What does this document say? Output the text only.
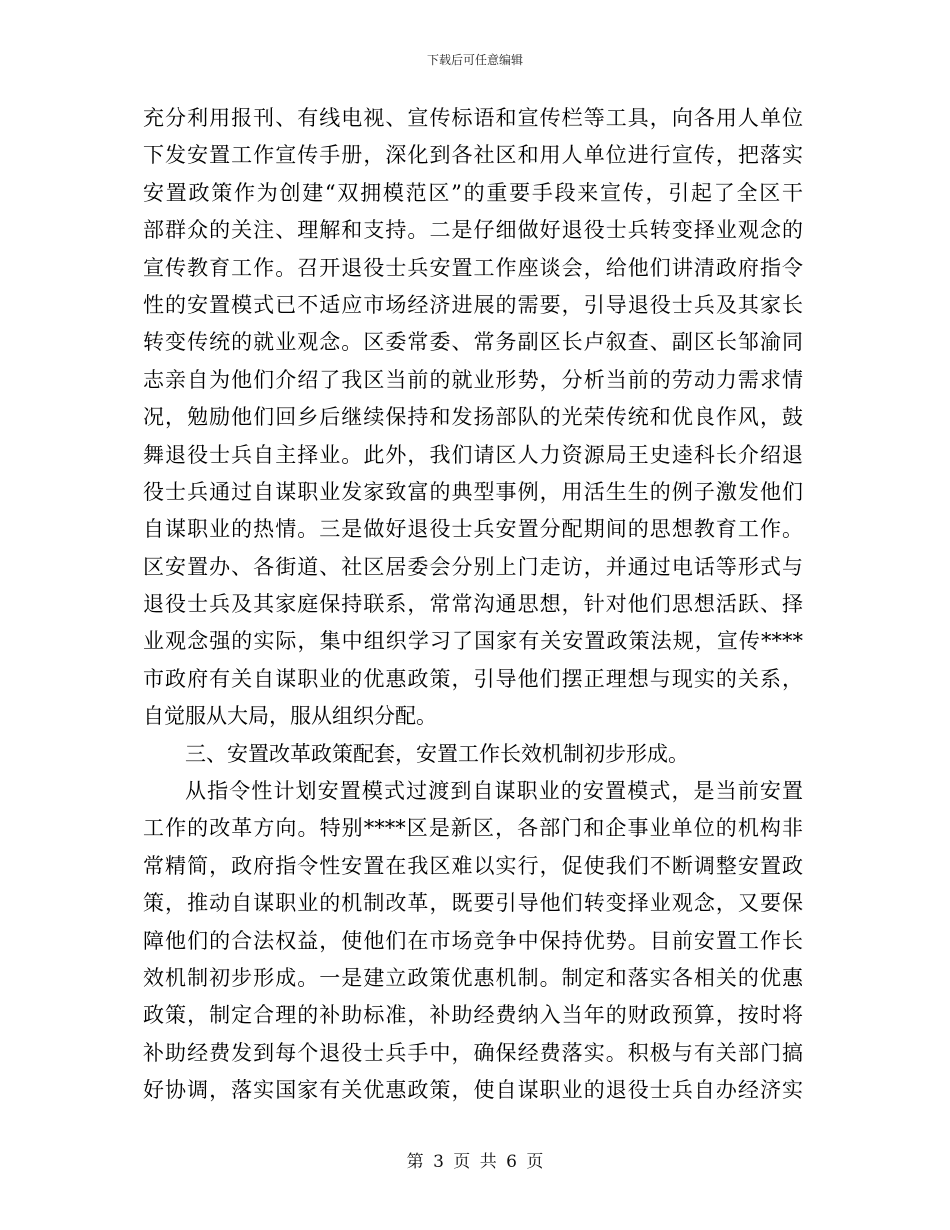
下载后可任意编辑
充分利用报刊、有线电视、宣传标语和宣传栏等工具，向各用人单位
下发安置工作宣传手册，深化到各社区和用人单位进行宣传，把落实
安置政策作为创建“双拥模范区”的重要手段来宣传，引起了全区干
部群众的关注、理解和支持。二是仔细做好退役士兵转变择业观念的
宣传教育工作。召开退役士兵安置工作座谈会，给他们讲清政府指令
性的安置模式已不适应市场经济进展的需要，引导退役士兵及其家长
转变传统的就业观念。区委常委、常务副区长卢叙查、副区长邹渝同
志亲自为他们介绍了我区当前的就业形势，分析当前的劳动力需求情
况，勉励他们回乡后继续保持和发扬部队的光荣传统和优良作风，鼓
舞退役士兵自主择业。此外，我们请区人力资源局王史逵科长介绍退
役士兵通过自谋职业发家致富的典型事例，用活生生的例子激发他们
自谋职业的热情。三是做好退役士兵安置分配期间的思想教育工作。
区安置办、各街道、社区居委会分别上门走访，并通过电话等形式与
退役士兵及其家庭保持联系，常常沟通思想，针对他们思想活跃、择
业观念强的实际，集中组织学习了国家有关安置政策法规，宣传****
市政府有关自谋职业的优惠政策，引导他们摆正理想与现实的关系，
自觉服从大局，服从组织分配。
三、安置改革政策配套，安置工作长效机制初步形成。
从指令性计划安置模式过渡到自谋职业的安置模式，是当前安置
工作的改革方向。特别****区是新区，各部门和企事业单位的机构非
常精简，政府指令性安置在我区难以实行，促使我们不断调整安置政
策，推动自谋职业的机制改革，既要引导他们转变择业观念，又要保
障他们的合法权益，使他们在市场竞争中保持优势。目前安置工作长
效机制初步形成。一是建立政策优惠机制。制定和落实各相关的优惠
政策，制定合理的补助标准，补助经费纳入当年的财政预算，按时将
补助经费发到每个退役士兵手中，确保经费落实。积极与有关部门搞
好协调，落实国家有关优惠政策，使自谋职业的退役士兵自办经济实
第 3 页 共 6 页
